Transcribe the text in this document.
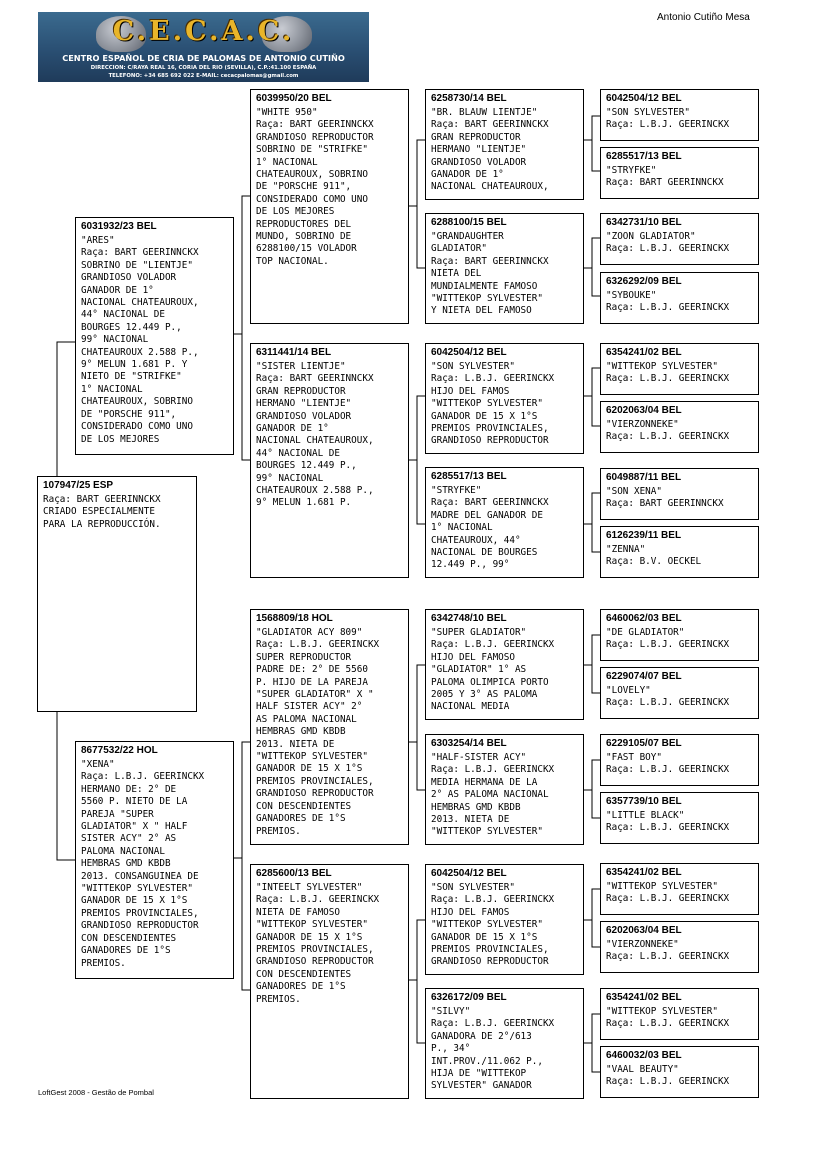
C.E.C.A.C.
CENTRO ESPAÑOL DE CRIA DE PALOMAS DE ANTONIO CUTIÑO
DIRECCION: C/RAYA REAL 16, CORIA DEL RIO (SEVILLA), C.P.:41.100 ESPAÑA
TELEFONO: +34 685 692 022 E-MAIL: cecacpalomas@gmail.com
Antonio Cutiño Mesa
107947/25 ESP
Raça: BART GEERINNCKX
CRIADO ESPECIALMENTE
PARA LA REPRODUCCIÓN.
6031932/23 BEL
"ARES"
Raça: BART GEERINNCKX
SOBRINO DE "LIENTJE"
GRANDIOSO VOLADOR
GANADOR DE 1°
NACIONAL CHATEAUROUX,
44° NACIONAL DE
BOURGES 12.449 P.,
99° NACIONAL
CHATEAUROUX 2.588 P.,
9° MELUN 1.681 P. Y
NIETO DE "STRIFKE"
1° NACIONAL
CHATEAUROUX, SOBRINO
DE "PORSCHE 911",
CONSIDERADO COMO UNO
DE LOS MEJORES
8677532/22 HOL
"XENA"
Raça: L.B.J. GEERINCKX
HERMANO DE: 2° DE
5560 P. NIETO DE LA
PAREJA "SUPER
GLADIATOR" X " HALF
SISTER ACY" 2° AS
PALOMA NACIONAL
HEMBRAS GMD KBDB
2013. CONSANGUINEA DE
"WITTEKOP SYLVESTER"
GANADOR DE 15 X 1°S
PREMIOS PROVINCIALES,
GRANDIOSO REPRODUCTOR
CON DESCENDIENTES
GANADORES DE 1°S
PREMIOS.
6039950/20 BEL
"WHITE 950"
Raça: BART GEERINNCKX
GRANDIOSO REPRODUCTOR
SOBRINO DE "STRIFKE"
1° NACIONAL
CHATEAUROUX, SOBRINO
DE "PORSCHE 911",
CONSIDERADO COMO UNO
DE LOS MEJORES
REPRODUCTORES DEL
MUNDO, SOBRINO DE
6288100/15 VOLADOR
TOP NACIONAL.
6311441/14 BEL
"SISTER LIENTJE"
Raça: BART GEERINNCKX
GRAN REPRODUCTOR
HERMANO "LIENTJE"
GRANDIOSO VOLADOR
GANADOR DE 1°
NACIONAL CHATEAUROUX,
44° NACIONAL DE
BOURGES 12.449 P.,
99° NACIONAL
CHATEAUROUX 2.588 P.,
9° MELUN 1.681 P.
1568809/18 HOL
"GLADIATOR ACY 809"
Raça: L.B.J. GEERINCKX
SUPER REPRODUCTOR
PADRE DE: 2° DE 5560
P. HIJO DE LA PAREJA
"SUPER GLADIATOR" X "
HALF SISTER ACY" 2°
AS PALOMA NACIONAL
HEMBRAS GMD KBDB
2013. NIETA DE
"WITTEKOP SYLVESTER"
GANADOR DE 15 X 1°S
PREMIOS PROVINCIALES,
GRANDIOSO REPRODUCTOR
CON DESCENDIENTES
GANADORES DE 1°S
PREMIOS.
6285600/13 BEL
"INTEELT SYLVESTER"
Raça: L.B.J. GEERINCKX
NIETA DE FAMOSO
"WITTEKOP SYLVESTER"
GANADOR DE 15 X 1°S
PREMIOS PROVINCIALES,
GRANDIOSO REPRODUCTOR
CON DESCENDIENTES
GANADORES DE 1°S
PREMIOS.
6258730/14 BEL
"BR. BLAUW LIENTJE"
Raça: BART GEERINNCKX
GRAN REPRODUCTOR
HERMANO "LIENTJE"
GRANDIOSO VOLADOR
GANADOR DE 1°
NACIONAL CHATEAUROUX,
6288100/15 BEL
"GRANDAUGHTER
GLADIATOR"
Raça: BART GEERINNCKX
NIETA DEL
MUNDIALMENTE FAMOSO
"WITTEKOP SYLVESTER"
Y NIETA DEL FAMOSO
6042504/12 BEL
"SON SYLVESTER"
Raça: L.B.J. GEERINCKX
HIJO DEL FAMOS
"WITTEKOP SYLVESTER"
GANADOR DE 15 X 1°S
PREMIOS PROVINCIALES,
GRANDIOSO REPRODUCTOR
6285517/13 BEL
"STRYFKE"
Raça: BART GEERINNCKX
MADRE DEL GANADOR DE
1° NACIONAL
CHATEAUROUX, 44°
NACIONAL DE BOURGES
12.449 P., 99°
6342748/10 BEL
"SUPER GLADIATOR"
Raça: L.B.J. GEERINCKX
HIJO DEL FAMOSO
"GLADIATOR" 1° AS
PALOMA OLIMPICA PORTO
2005 Y 3° AS PALOMA
NACIONAL MEDIA
6303254/14 BEL
"HALF-SISTER ACY"
Raça: L.B.J. GEERINCKX
MEDIA HERMANA DE LA
2° AS PALOMA NACIONAL
HEMBRAS GMD KBDB
2013. NIETA DE
"WITTEKOP SYLVESTER"
6042504/12 BEL
"SON SYLVESTER"
Raça: L.B.J. GEERINCKX
HIJO DEL FAMOS
"WITTEKOP SYLVESTER"
GANADOR DE 15 X 1°S
PREMIOS PROVINCIALES,
GRANDIOSO REPRODUCTOR
6326172/09 BEL
"SILVY"
Raça: L.B.J. GEERINCKX
GANADORA DE 2°/613
P., 34°
INT.PROV./11.062 P.,
HIJA DE "WITTEKOP
SYLVESTER" GANADOR
6042504/12 BEL
"SON SYLVESTER"
Raça: L.B.J. GEERINCKX
6285517/13 BEL
"STRYFKE"
Raça: BART GEERINNCKX
6342731/10 BEL
"ZOON GLADIATOR"
Raça: L.B.J. GEERINCKX
6326292/09 BEL
"SYBOUKE"
Raça: L.B.J. GEERINCKX
6354241/02 BEL
"WITTEKOP SYLVESTER"
Raça: L.B.J. GEERINCKX
6202063/04 BEL
"VIERZONNEKE"
Raça: L.B.J. GEERINCKX
6049887/11 BEL
"SON XENA"
Raça: BART GEERINNCKX
6126239/11 BEL
"ZENNA"
Raça: B.V. OECKEL
6460062/03 BEL
"DE GLADIATOR"
Raça: L.B.J. GEERINCKX
6229074/07 BEL
"LOVELY"
Raça: L.B.J. GEERINCKX
6229105/07 BEL
"FAST BOY"
Raça: L.B.J. GEERINCKX
6357739/10 BEL
"LITTLE BLACK"
Raça: L.B.J. GEERINCKX
6354241/02 BEL
"WITTEKOP SYLVESTER"
Raça: L.B.J. GEERINCKX
6202063/04 BEL
"VIERZONNEKE"
Raça: L.B.J. GEERINCKX
6354241/02 BEL
"WITTEKOP SYLVESTER"
Raça: L.B.J. GEERINCKX
6460032/03 BEL
"VAAL BEAUTY"
Raça: L.B.J. GEERINCKX
LoftGest 2008 - Gestão de Pombal
